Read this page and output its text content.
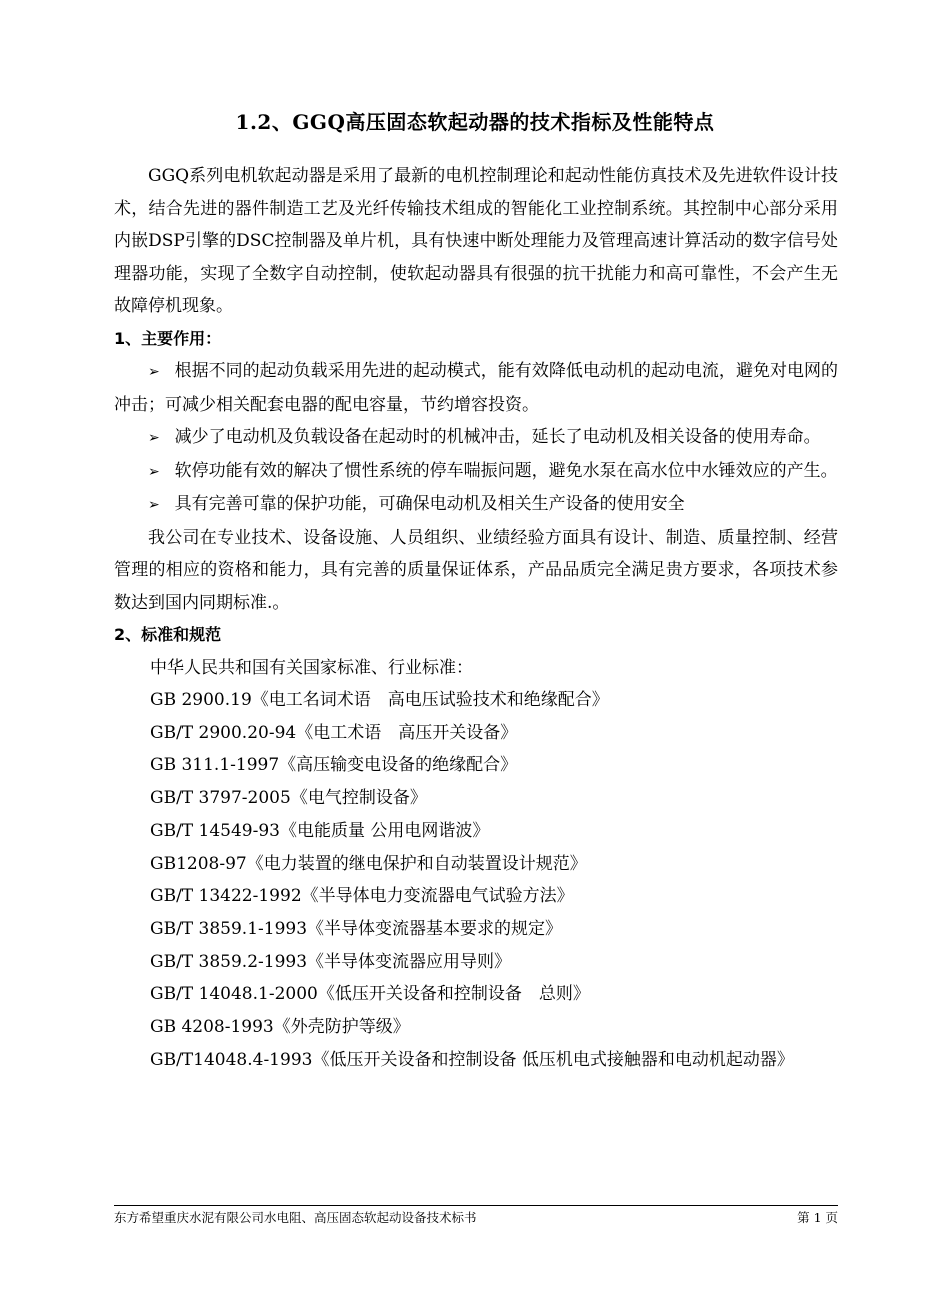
1.2、GGQ高压固态软起动器的技术指标及性能特点

GGQ系列电机软起动器是采用了最新的电机控制理论和起动性能仿真技术及先进软件设计技术，结合先进的器件制造工艺及光纤传输技术组成的智能化工业控制系统。其控制中心部分采用内嵌DSP引擎的DSC控制器及单片机，具有快速中断处理能力及管理高速计算活动的数字信号处理器功能，实现了全数字自动控制，使软起动器具有很强的抗干扰能力和高可靠性，不会产生无故障停机现象。

1、主要作用：

➢ 根据不同的起动负载采用先进的起动模式，能有效降低电动机的起动电流，避免对电网的冲击；可减少相关配套电器的配电容量，节约增容投资。

➢ 减少了电动机及负载设备在起动时的机械冲击，延长了电动机及相关设备的使用寿命。

➢ 软停功能有效的解决了惯性系统的停车喘振问题，避免水泵在高水位中水锤效应的产生。

➢ 具有完善可靠的保护功能，可确保电动机及相关生产设备的使用安全

我公司在专业技术、设备设施、人员组织、业绩经验方面具有设计、制造、质量控制、经营管理的相应的资格和能力，具有完善的质量保证体系，产品品质完全满足贵方要求，各项技术参数达到国内同期标准.。

2、标准和规范

中华人民共和国有关国家标准、行业标准：

GB 2900.19《电工名词术语　高电压试验技术和绝缘配合》
GB/T 2900.20-94《电工术语　高压开关设备》
GB 311.1-1997《高压输变电设备的绝缘配合》
GB/T 3797-2005《电气控制设备》
GB/T 14549-93《电能质量 公用电网谐波》
GB1208-97《电力装置的继电保护和自动装置设计规范》
GB/T 13422-1992《半导体电力变流器电气试验方法》
GB/T 3859.1-1993《半导体变流器基本要求的规定》
GB/T 3859.2-1993《半导体变流器应用导则》
GB/T 14048.1-2000《低压开关设备和控制设备　总则》
GB 4208-1993《外壳防护等级》
GB/T14048.4-1993《低压开关设备和控制设备 低压机电式接触器和电动机起动器》
东方希望重庆水泥有限公司水电阻、高压固态软起动设备技术标书	第 1 页
